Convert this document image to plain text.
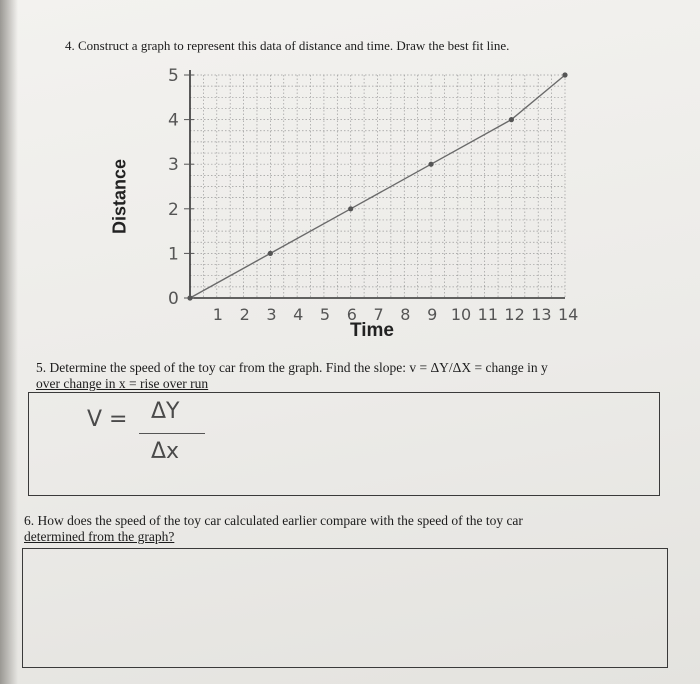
4. Construct a graph to represent this data of distance and time. Draw the best fit line.
0
1
2
3
4
5
1 2 3 4 5 6 7 8 9 10 11 12 13 14
Distance
Time
5. Determine the speed of the toy car from the graph. Find the slope: v = ΔY/ΔX = change in y
over change in x = rise over run
V = ΔY
Δx
6. How does the speed of the toy car calculated earlier compare with the speed of the toy car
determined from the graph?
